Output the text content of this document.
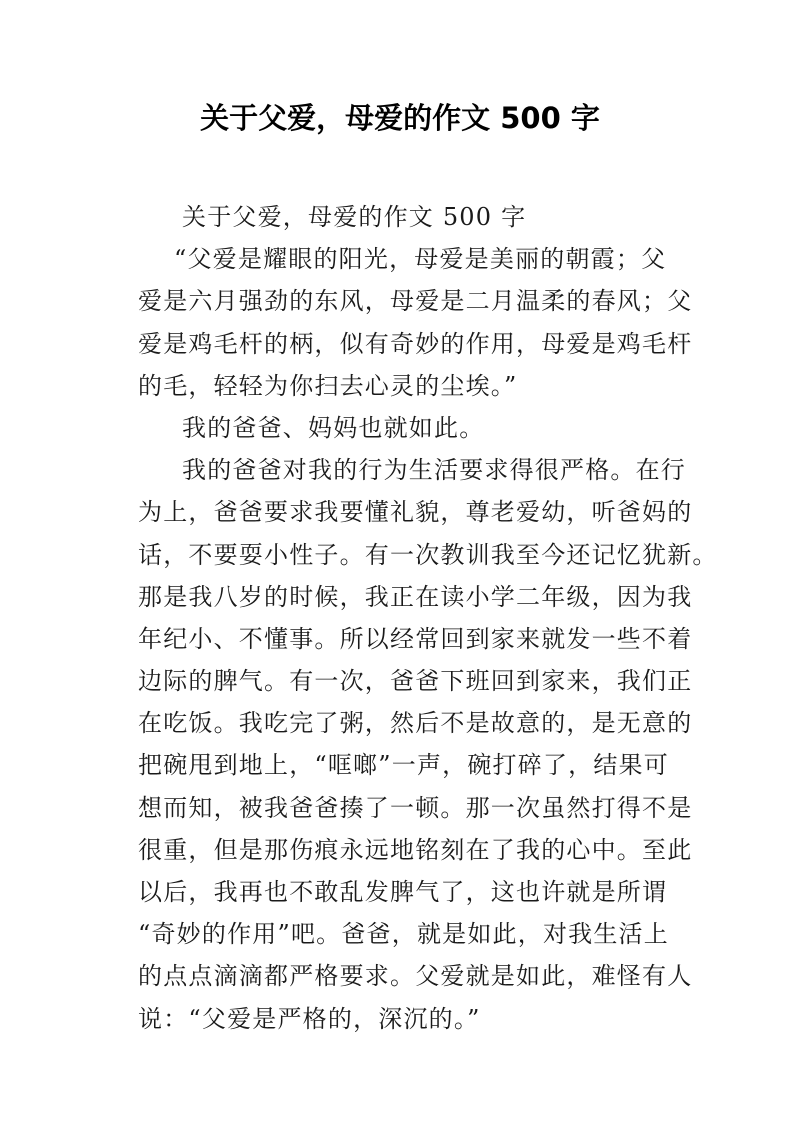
关于父爱，母爱的作文 500 字
关于父爱，母爱的作文 500 字
“父爱是耀眼的阳光，母爱是美丽的朝霞；父
爱是六月强劲的东风，母爱是二月温柔的春风；父
爱是鸡毛杆的柄，似有奇妙的作用，母爱是鸡毛杆
的毛，轻轻为你扫去心灵的尘埃。”
我的爸爸、妈妈也就如此。
我的爸爸对我的行为生活要求得很严格。在行
为上，爸爸要求我要懂礼貌，尊老爱幼，听爸妈的
话，不要耍小性子。有一次教训我至今还记忆犹新。
那是我八岁的时候，我正在读小学二年级，因为我
年纪小、不懂事。所以经常回到家来就发一些不着
边际的脾气。有一次，爸爸下班回到家来，我们正
在吃饭。我吃完了粥，然后不是故意的，是无意的
把碗甩到地上，“哐啷”一声，碗打碎了，结果可
想而知，被我爸爸揍了一顿。那一次虽然打得不是
很重，但是那伤痕永远地铭刻在了我的心中。至此
以后，我再也不敢乱发脾气了，这也许就是所谓
“奇妙的作用”吧。爸爸，就是如此，对我生活上
的点点滴滴都严格要求。父爱就是如此，难怪有人
说：“父爱是严格的，深沉的。”
